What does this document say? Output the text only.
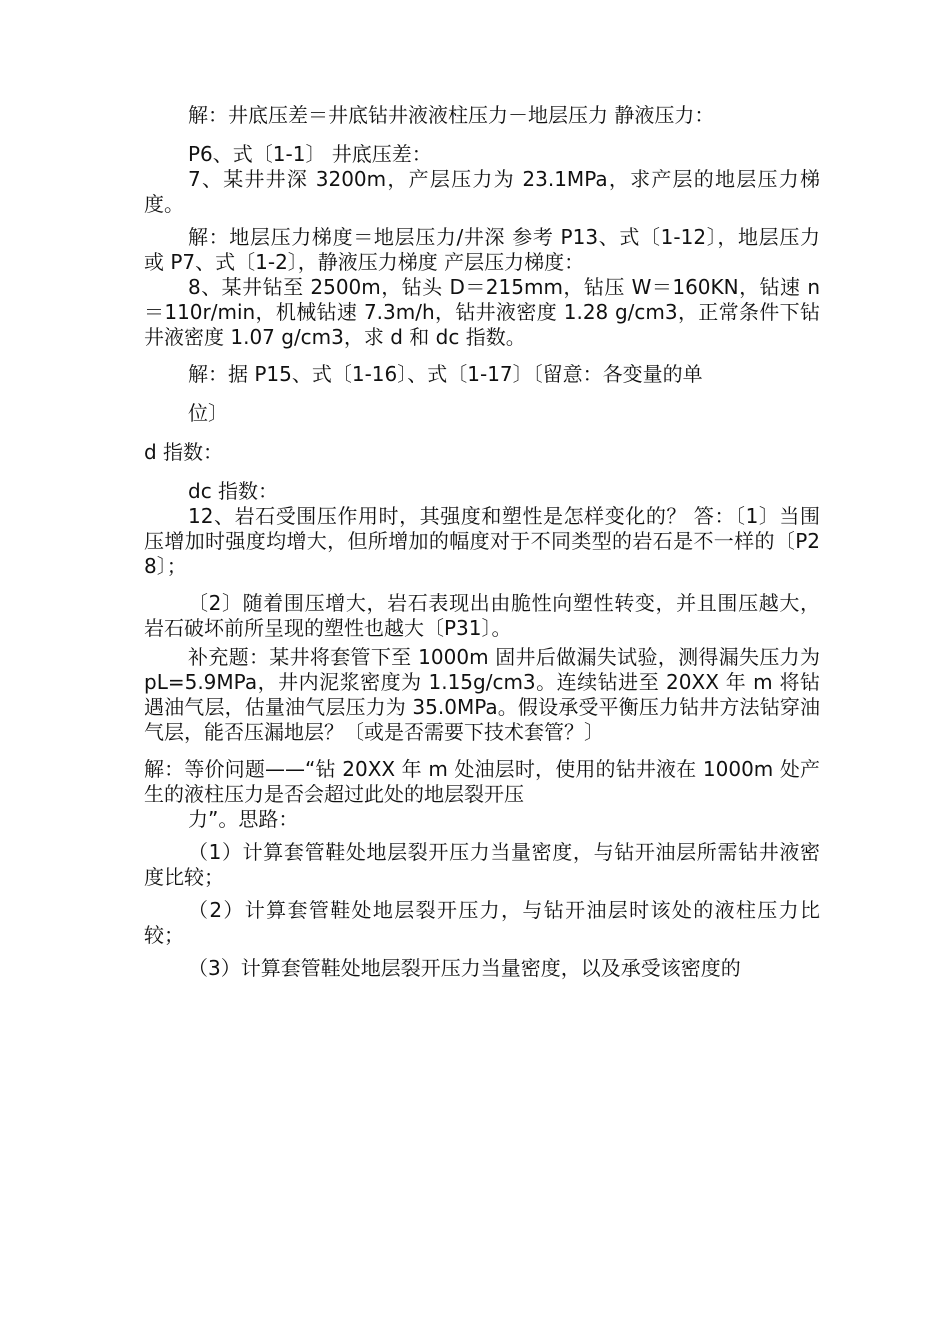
解：井底压差＝井底钻井液液柱压力－地层压力 静液压力：

P6、式〔1-1〕 井底压差：

7、某井井深 3200m，产层压力为 23.1MPa，求产层的地层压力梯度。

解：地层压力梯度＝地层压力/井深 参考 P13、式〔1-12〕，地层压力 或 P7、式〔1-2〕，静液压力梯度 产层压力梯度：

8、某井钻至 2500m，钻头 D＝215mm，钻压 W＝160KN，钻速 n＝110r/min，机械钻速 7.3m/h，钻井液密度 1.28 g/cm3，正常条件下钻井液密度 1.07 g/cm3，求 d 和 dc 指数。

解：据 P15、式〔1-16〕、式〔1-17〕〔留意：各变量的单

位〕

d 指数：

dc 指数：

12、岩石受围压作用时，其强度和塑性是怎样变化的？ 答：〔1〕当围压增加时强度均增大，但所增加的幅度对于不同类型的岩石是不一样的〔P28〕；

〔2〕随着围压增大，岩石表现出由脆性向塑性转变，并且围压越大，岩石破坏前所呈现的塑性也越大〔P31〕。

补充题：某井将套管下至 1000m 固井后做漏失试验，测得漏失压力为 pL=5.9MPa，井内泥浆密度为 1.15g/cm3。连续钻进至 20XX 年 m 将钻遇油气层，估量油气层压力为 35.0MPa。假设承受平衡压力钻井方法钻穿油气层，能否压漏地层？〔或是否需要下技术套管？〕

解：等价问题——“钻 20XX 年 m 处油层时，使用的钻井液在 1000m 处产生的液柱压力是否会超过此处的地层裂开压

力”。思路：

（1）计算套管鞋处地层裂开压力当量密度，与钻开油层所需钻井液密度比较；

（2）计算套管鞋处地层裂开压力，与钻开油层时该处的液柱压力比较；

（3）计算套管鞋处地层裂开压力当量密度，以及承受该密度的
